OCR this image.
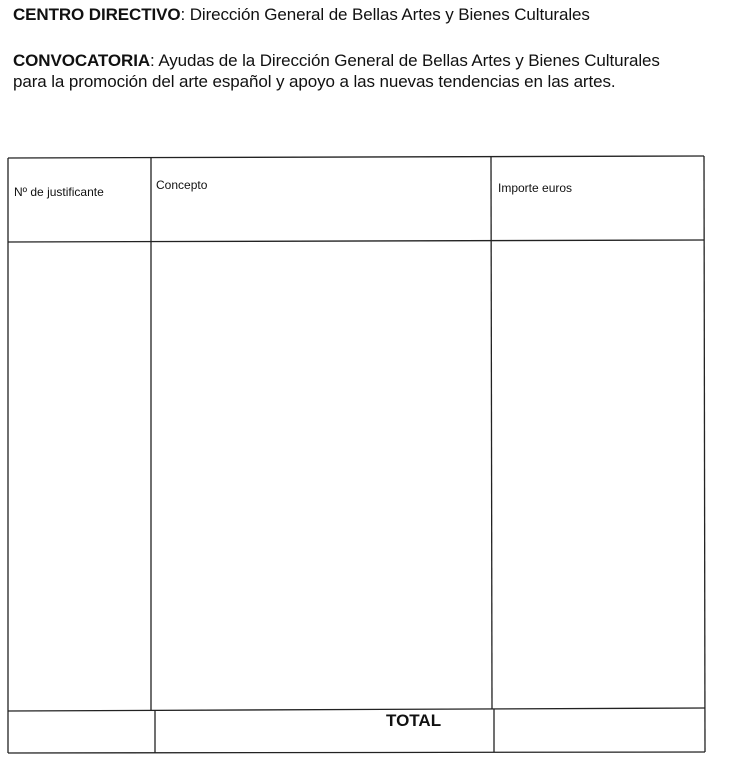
CENTRO DIRECTIVO: Dirección General de Bellas Artes y Bienes Culturales
CONVOCATORIA: Ayudas de la Dirección General de Bellas Artes y Bienes Culturales
para la promoción del arte español y apoyo a las nuevas tendencias en las artes.
Nº de justificante	Concepto	Importe euros
TOTAL
